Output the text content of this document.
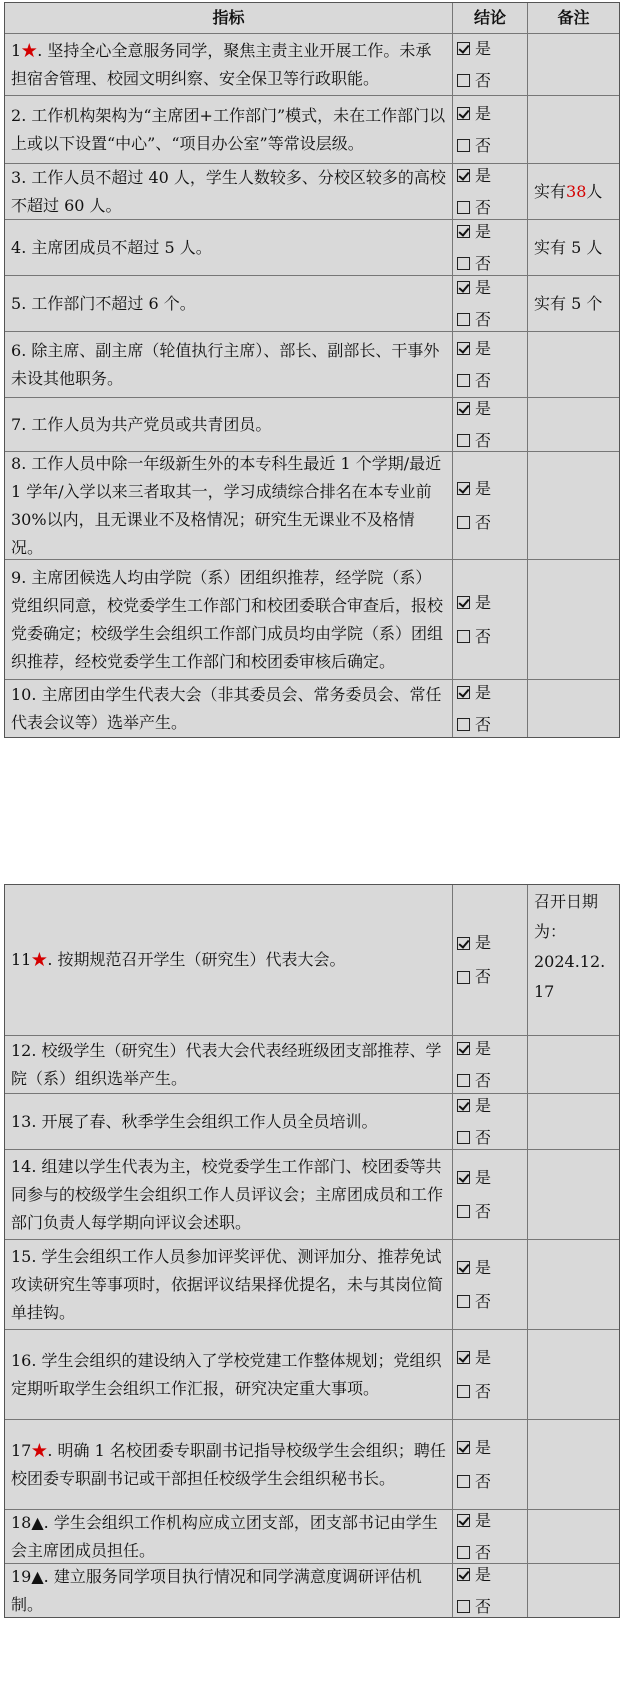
指标	结论	备注
1★. 坚持全心全意服务同学，聚焦主责主业开展工作。未承担宿舍管理、校园文明纠察、安全保卫等行政职能。
是
否
2. 工作机构架构为“主席团+工作部门”模式，未在工作部门以上或以下设置“中心”、“项目办公室”等常设层级。
是
否
3. 工作人员不超过 40 人，学生人数较多、分校区较多的高校不超过 60 人。
是
否
实有 38 人
4. 主席团成员不超过 5 人。
是
否
实有 5 人
5. 工作部门不超过 6 个。
是
否
实有 5 个
6. 除主席、副主席（轮值执行主席）、部长、副部长、干事外未设其他职务。
是
否
7. 工作人员为共产党员或共青团员。
是
否
8. 工作人员中除一年级新生外的本专科生最近 1 个学期/最近 1 学年/入学以来三者取其一，学习成绩综合排名在本专业前 30%以内，且无课业不及格情况；研究生无课业不及格情况。
是
否
9. 主席团候选人均由学院（系）团组织推荐，经学院（系）党组织同意，校党委学生工作部门和校团委联合审查后，报校党委确定；校级学生会组织工作部门成员均由学院（系）团组织推荐，经校党委学生工作部门和校团委审核后确定。
是
否
10. 主席团由学生代表大会（非其委员会、常务委员会、常任代表会议等）选举产生。
是
否
11★. 按期规范召开学生（研究生）代表大会。
是
否
召开日期
为：
2024.12.
17
12. 校级学生（研究生）代表大会代表经班级团支部推荐、学院（系）组织选举产生。
是
否
13. 开展了春、秋季学生会组织工作人员全员培训。
是
否
14. 组建以学生代表为主，校党委学生工作部门、校团委等共同参与的校级学生会组织工作人员评议会；主席团成员和工作部门负责人每学期向评议会述职。
是
否
15. 学生会组织工作人员参加评奖评优、测评加分、推荐免试攻读研究生等事项时，依据评议结果择优提名，未与其岗位简单挂钩。
是
否
16. 学生会组织的建设纳入了学校党建工作整体规划；党组织定期听取学生会组织工作汇报，研究决定重大事项。
是
否
17★. 明确 1 名校团委专职副书记指导校级学生会组织；聘任校团委专职副书记或干部担任校级学生会组织秘书长。
是
否
18▲. 学生会组织工作机构应成立团支部，团支部书记由学生会主席团成员担任。
是
否
19▲. 建立服务同学项目执行情况和同学满意度调研评估机制。
是
否
